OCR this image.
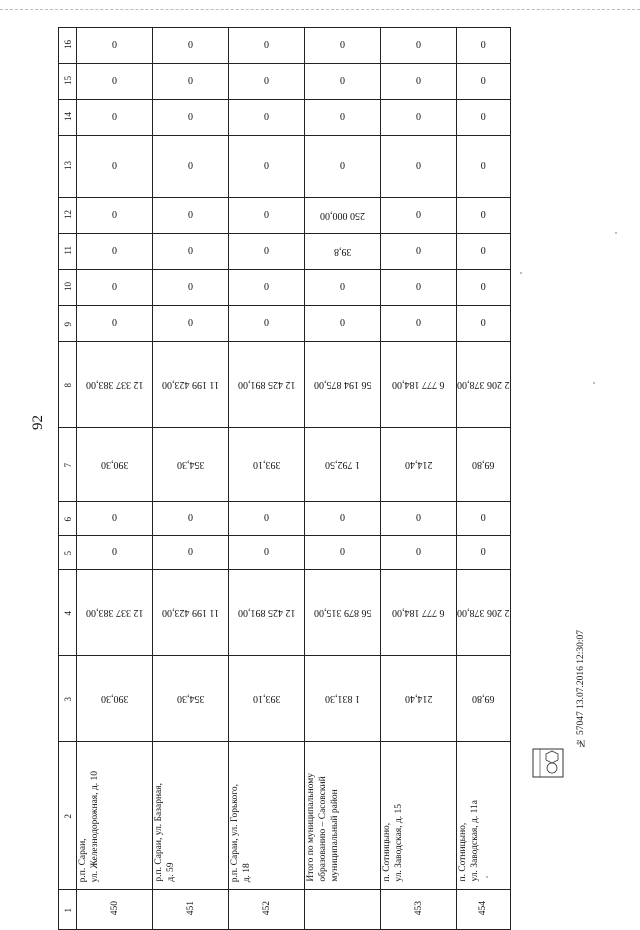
92
16	0	0	0	0	0	0
15	0	0	0	0	0	0
14	0	0	0	0	0	0
13	0	0	0	0	0	0
12	0	0	0	250 000,00	0	0
11	0	0	0	39,8	0	0
10	0	0	0	0	0	0
9	0	0	0	0	0	0
8	12 337 383,00	11 199 423,00	12 425 891,00	56 194 875,00	6 777 184,00	2 206 378,00
7	390,30	354,30	393,10	1 792,50	214,40	69,80
6	0	0	0	0	0	0
5	0	0	0	0	0	0
4	12 337 383,00	11 199 423,00	12 425 891,00	56 879 315,00	6 777 184,00	2 206 378,00
3	390,30	354,30	393,10	1 831,30	214,40	69,80
2	р.п. Сараи, ул. Железнодорожная, д. 10	р.п. Сараи, ул. Базарная, д. 59	р.п. Сараи, ул. Горького, д. 18	Итого по муниципальному образованию – Сасовский муниципальный район	п. Сотницыно, ул. Заводская, д. 15	п. Сотницыно, ул. Заводская, д. 11а

1	450	451	452		453	454
№ 57047 13.07.2016 12:30:07
